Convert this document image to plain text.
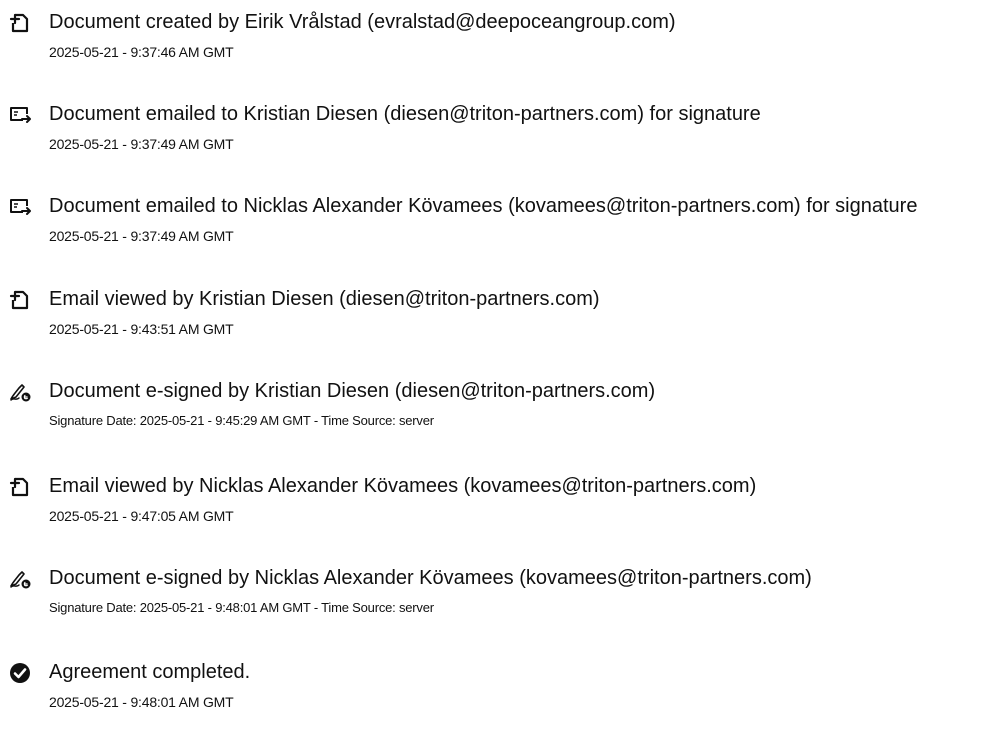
Document created by Eirik Vrålstad (evralstad@deepoceangroup.com)
2025-05-21 - 9:37:46 AM GMT
Document emailed to Kristian Diesen (diesen@triton-partners.com) for signature
2025-05-21 - 9:37:49 AM GMT
Document emailed to Nicklas Alexander Kövamees (kovamees@triton-partners.com) for signature
2025-05-21 - 9:37:49 AM GMT
Email viewed by Kristian Diesen (diesen@triton-partners.com)
2025-05-21 - 9:43:51 AM GMT
Document e-signed by Kristian Diesen (diesen@triton-partners.com)
Signature Date: 2025-05-21 - 9:45:29 AM GMT - Time Source: server
Email viewed by Nicklas Alexander Kövamees (kovamees@triton-partners.com)
2025-05-21 - 9:47:05 AM GMT
Document e-signed by Nicklas Alexander Kövamees (kovamees@triton-partners.com)
Signature Date: 2025-05-21 - 9:48:01 AM GMT - Time Source: server
Agreement completed.
2025-05-21 - 9:48:01 AM GMT
